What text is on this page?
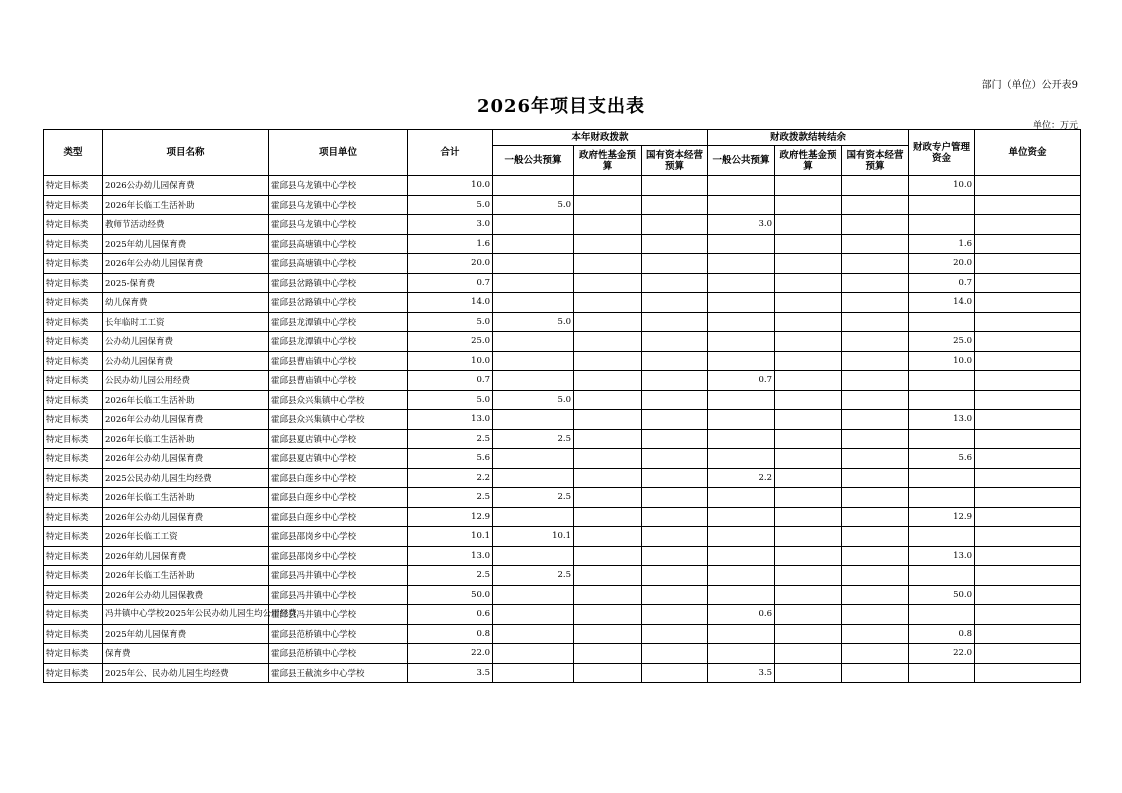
部门（单位）公开表9
2026年项目支出表
单位：万元
类型	项目名称	项目单位	合计	本年财政拨款			财政拨款结转结余			财政专户管理资金	单位资金
				一般公共预算	政府性基金预算	国有资本经营预算	一般公共预算	政府性基金预算	国有资本经营预算		
特定目标类	2026公办幼儿园保育费	霍邱县乌龙镇中心学校	10.0							10.0	
特定目标类	2026年长临工生活补助	霍邱县乌龙镇中心学校	5.0	5.0							
特定目标类	教师节活动经费	霍邱县乌龙镇中心学校	3.0				3.0				
特定目标类	2025年幼儿园保育费	霍邱县高塘镇中心学校	1.6							1.6	
特定目标类	2026年公办幼儿园保育费	霍邱县高塘镇中心学校	20.0							20.0	
特定目标类	2025-保育费	霍邱县岔路镇中心学校	0.7							0.7	
特定目标类	幼儿保育费	霍邱县岔路镇中心学校	14.0							14.0	
特定目标类	长年临时工工资	霍邱县龙潭镇中心学校	5.0	5.0							
特定目标类	公办幼儿园保育费	霍邱县龙潭镇中心学校	25.0							25.0	
特定目标类	公办幼儿园保育费	霍邱县曹庙镇中心学校	10.0							10.0	
特定目标类	公民办幼儿园公用经费	霍邱县曹庙镇中心学校	0.7				0.7				
特定目标类	2026年长临工生活补助	霍邱县众兴集镇中心学校	5.0	5.0							
特定目标类	2026年公办幼儿园保育费	霍邱县众兴集镇中心学校	13.0							13.0	
特定目标类	2026年长临工生活补助	霍邱县夏店镇中心学校	2.5	2.5							
特定目标类	2026年公办幼儿园保育费	霍邱县夏店镇中心学校	5.6							5.6	
特定目标类	2025公民办幼儿园生均经费	霍邱县白莲乡中心学校	2.2				2.2				
特定目标类	2026年长临工生活补助	霍邱县白莲乡中心学校	2.5	2.5							
特定目标类	2026年公办幼儿园保育费	霍邱县白莲乡中心学校	12.9							12.9	
特定目标类	2026年长临工工资	霍邱县邵岗乡中心学校	10.1	10.1							
特定目标类	2026年幼儿园保育费	霍邱县邵岗乡中心学校	13.0							13.0	
特定目标类	2026年长临工生活补助	霍邱县冯井镇中心学校	2.5	2.5							
特定目标类	2026年公办幼儿园保教费	霍邱县冯井镇中心学校	50.0							50.0	
特定目标类	冯井镇中心学校2025年公民办幼儿园生均公用经费	霍邱县冯井镇中心学校	0.6				0.6				
特定目标类	2025年幼儿园保育费	霍邱县范桥镇中心学校	0.8							0.8	
特定目标类	保育费	霍邱县范桥镇中心学校	22.0							22.0	
特定目标类	2025年公、民办幼儿园生均经费	霍邱县王截流乡中心学校	3.5				3.5				
